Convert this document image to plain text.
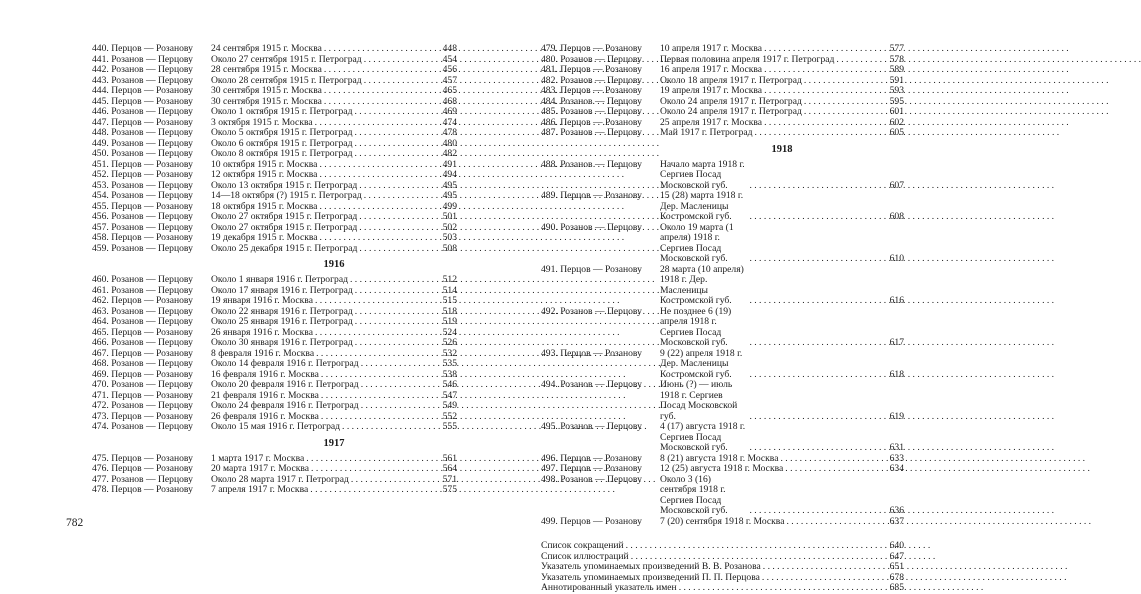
440. Перцов — Розанову	24 сентября 1915 г. Москва . . .	448
441. Розанов — Перцову	Около 27 сентября 1915 г. Петроград . . .	454
442. Розанов — Перцову	28 сентября 1915 г. Москва . . .	456
443. Розанов — Перцову	Около 28 сентября 1915 г. Петроград . . .	457
444. Перцов — Розанову	30 сентября 1915 г. Москва . . .	465
445. Перцов — Розанову	30 сентября 1915 г. Москва . . .	468
446. Розанов — Перцову	Около 1 октября 1915 г. Петроград . . .	469
447. Перцов — Розанову	3 октября 1915 г. Москва . . .	474
448. Розанов — Перцову	Около 5 октября 1915 г. Петроград . . .	478
449. Розанов — Перцову	Около 6 октября 1915 г. Петроград . . .	480
450. Розанов — Перцову	Около 8 октября 1915 г. Петроград . . .	482
451. Перцов — Розанову	10 октября 1915 г. Москва . . .	491
452. Перцов — Розанову	12 октября 1915 г. Москва . . .	494
453. Розанов — Перцову	Около 13 октября 1915 г. Петроград . . .	495
454. Розанов — Перцову	14—18 октября (?) 1915 г. Петроград . . .	495
455. Перцов — Розанову	18 октября 1915 г. Москва . . .	499
456. Розанов — Перцову	Около 27 октября 1915 г. Петроград . . .	501
457. Розанов — Перцову	Около 27 октября 1915 г. Петроград . . .	502
458. Перцов — Розанову	19 декабря 1915 г. Москва . . .	503
459. Розанов — Перцову	Около 25 декабря 1915 г. Петроград . . .	508
1916
460. Розанов — Перцову	Около 1 января 1916 г. Петроград . . .	512
461. Розанов — Перцову	Около 17 января 1916 г. Петроград . . .	514
462. Перцов — Розанову	19 января 1916 г. Москва . . .	515
463. Розанов — Перцову	Около 22 января 1916 г. Петроград . . .	518
464. Розанов — Перцову	Около 25 января 1916 г. Петроград . . .	519
465. Перцов — Розанову	26 января 1916 г. Москва . . .	524
466. Розанов — Перцову	Около 30 января 1916 г. Петроград . . .	526
467. Перцов — Розанову	8 февраля 1916 г. Москва . . .	532
468. Розанов — Перцову	Около 14 февраля 1916 г. Петроград . . .	535
469. Перцов — Розанову	16 февраля 1916 г. Москва . . .	538
470. Розанов — Перцову	Около 20 февраля 1916 г. Петроград . . .	546
471. Перцов — Розанову	21 февраля 1916 г. Москва . . .	547
472. Розанов — Перцову	Около 24 февраля 1916 г. Петроград . . .	549
473. Перцов — Розанову	26 февраля 1916 г. Москва . . .	552
474. Розанов — Перцову	Около 15 мая 1916 г. Петроград . . .	555
1917
475. Перцов — Розанову	1 марта 1917 г. Москва . . .	561
476. Перцов — Розанову	20 марта 1917 г. Москва . . .	564
477. Розанов — Перцову	Около 28 марта 1917 г. Петроград . . .	571
478. Перцов — Розанову	7 апреля 1917 г. Москва . . .	575
479. Перцов — Розанову	10 апреля 1917 г. Москва . . .	577
480. Розанов — Перцову	Первая половина апреля 1917 г. Петроград . . .	578
481. Перцов — Розанову	16 апреля 1917 г. Москва . . .	589
482. Розанов — Перцову	Около 18 апреля 1917 г. Петроград . . .	591
483. Перцов — Розанову	19 апреля 1917 г. Москва . . .	593
484. Розанов — Перцову	Около 24 апреля 1917 г. Петроград . . .	595
485. Розанов — Перцову	Около 24 апреля 1917 г. Петроград . . .	601
486. Перцов — Розанову	25 апреля 1917 г. Москва . . .	602
487. Розанов — Перцову	Май 1917 г. Петроград . . .	605
1918
488. Розанов — Перцову	Начало марта 1918 г. Сергиев Посад Московской губ. . . .	607
489. Перцов — Розанову	15 (28) марта 1918 г. Дер. Масленицы Костромской губ. . . .	608
490. Розанов — Перцову	Около 19 марта (1 апреля) 1918 г. Сергиев Посад Московской губ. . . .	610
491. Перцов — Розанову	28 марта (10 апреля) 1918 г. Дер. Масленицы Костромской губ. . . .	616
492. Розанов — Перцову	Не позднее 6 (19) апреля 1918 г. Сергиев Посад Московской губ. . . .	617
493. Перцов — Розанову	9 (22) апреля 1918 г. Дер. Масленицы Костромской губ. . . .	618
494. Розанов — Перцову	Июнь (?) — июль 1918 г. Сергиев Посад Московской губ. . . .	619
495. Розанов — Перцову	4 (17) августа 1918 г. Сергиев Посад Московской губ. . . .	631
496. Перцов — Розанову	8 (21) августа 1918 г. Москва . . .	633
497. Перцов — Розанову	12 (25) августа 1918 г. Москва . . .	634
498. Розанов — Перцову	Около 3 (16) сентября 1918 г. Сергиев Посад Московской губ. . . .	636
499. Перцов — Розанову	7 (20) сентября 1918 г. Москва . . .	637
Список сокращений . . .	640
Список иллюстраций . . .	647
Указатель упоминаемых произведений В. В. Розанова . . .	651
Указатель упоминаемых произведений П. П. Перцова . . .	678
Аннотированный указатель имен . . .	685
782
